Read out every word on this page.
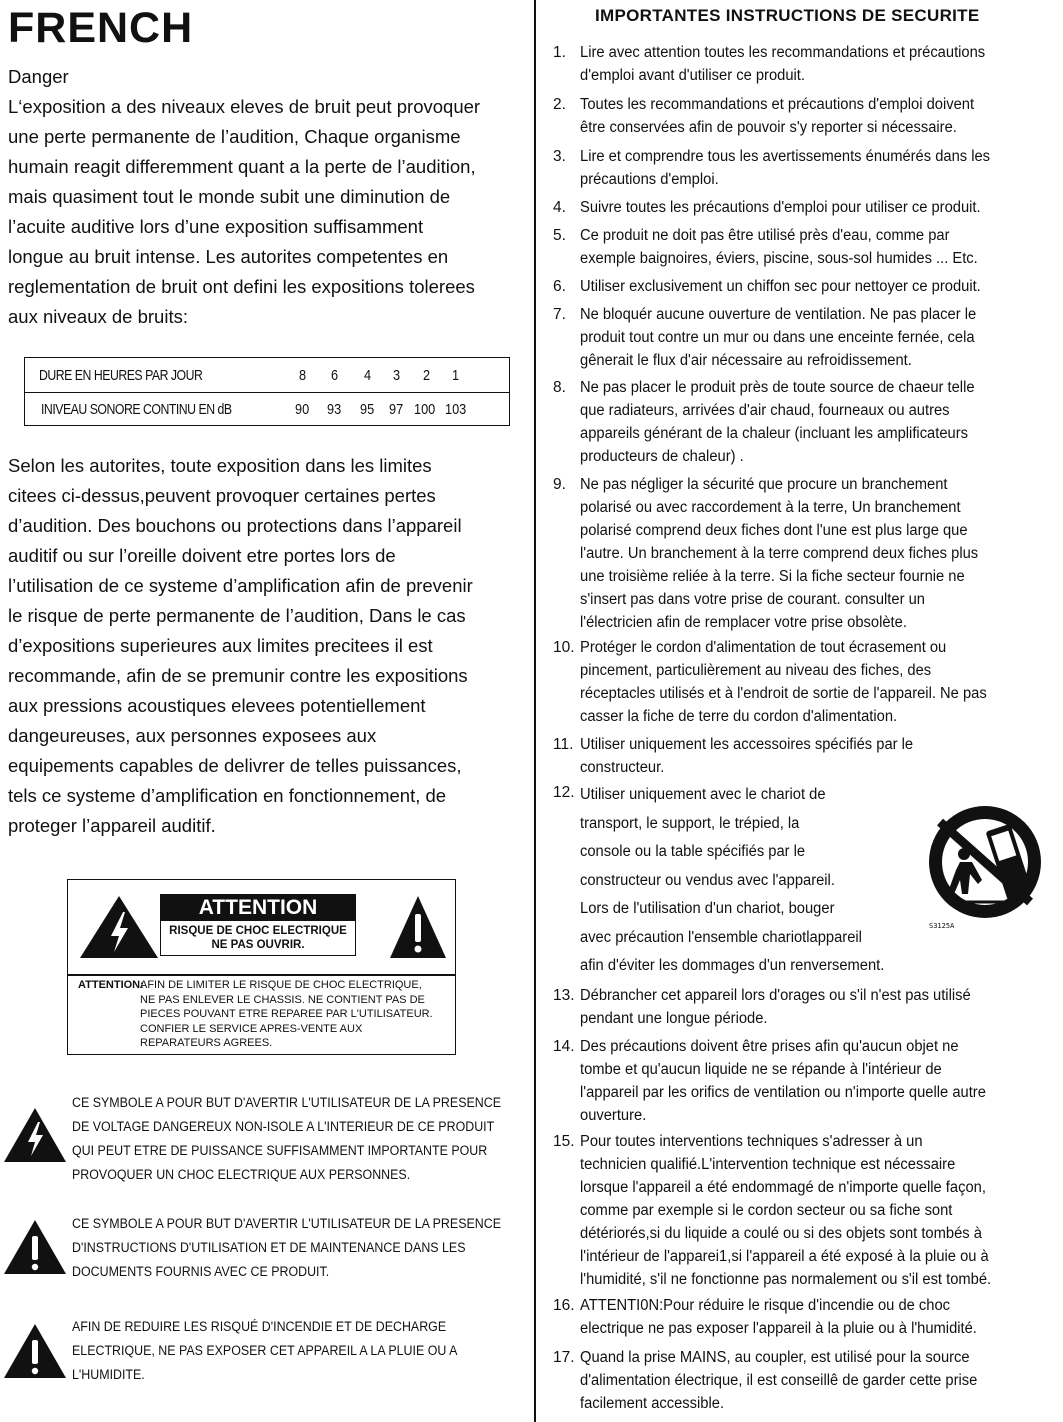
FRENCH

Danger

L‘exposition a des niveaux eleves de bruit peut provoquer

une perte permanente de l’audition, Chaque organisme

humain reagit differemment quant a la perte de l’audition,

mais quasiment tout le monde subit une diminution de

l’acuite auditive lors d’une exposition suffisamment

longue au bruit intense. Les autorites competentes en

reglementation de bruit ont defini les expositions tolerees

aux niveaux de bruits:

DURE EN HEURES PAR JOUR	8 6 4 3 2 1
INIVEAU SONORE CONTINU EN dB	90 93 95 97 100 103

Selon les autorites, toute exposition dans les limites

citees ci-dessus,peuvent provoquer certaines pertes

d’audition. Des bouchons ou protections dans l’appareil

auditif ou sur l’oreille doivent etre portes lors de

l’utilisation de ce systeme d’amplification afin de prevenir

le risque de perte permanente de l’audition, Dans le cas

d’expositions superieures aux limites precitees il est

recommande, afin de se premunir contre les expositions

aux pressions acoustiques elevees potentiellement

dangeureuses, aux personnes exposees aux

equipements capables de delivrer de telles puissances,

tels ce systeme d’amplification en fonctionnement, de

proteger l’appareil auditif.

ATTENTION
RISQUE DE CHOC ELECTRIQUE
NE PAS OUVRIR.
ATTENTION:
AFIN DE LIMITER LE RISQUE DE CHOC ELECTRIQUE,
NE PAS ENLEVER LE CHASSIS. NE CONTIENT PAS DE
PIECES POUVANT ETRE REPAREE PAR L'UTILISATEUR.
CONFIER LE SERVICE APRES-VENTE AUX
REPARATEURS AGREES.
CE SYMBOLE A POUR BUT D'AVERTIR L'UTILISATEUR DE LA PRESENCE
DE VOLTAGE DANGEREUX NON-ISOLE A L'INTERIEUR DE CE PRODUIT
QUI PEUT ETRE DE PUISSANCE SUFFISAMMENT IMPORTANTE POUR
PROVOQUER UN CHOC ELECTRIQUE AUX PERSONNES.
CE SYMBOLE A POUR BUT D'AVERTIR L'UTILISATEUR DE LA PRESENCE
D'INSTRUCTIONS D'UTILISATION ET DE MAINTENANCE DANS LES
DOCUMENTS FOURNIS AVEC CE PRODUIT.
AFIN DE REDUIRE LES RISQUÉ D'INCENDIE ET DE DECHARGE
ELECTRIQUE, NE PAS EXPOSER CET APPAREIL A LA PLUIE OU A
L'HUMIDITE.
IMPORTANTES INSTRUCTIONS DE SECURITE
1. Lire avec attention toutes les recommandations et précautions
d'emploi avant d'utiliser ce produit.
2. Toutes les recommandations et précautions d'emploi doivent
être conservées afin de pouvoir s'y reporter si nécessaire.
3. Lire et comprendre tous les avertissements énumérés dans les
précautions d'emploi.
4. Suivre toutes les précautions d'emploi pour utiliser ce produit.
5. Ce produit ne doit pas être utilisé près d'eau, comme par
exemple baignoires, éviers, piscine, sous-sol humides ... Etc.
6. Utiliser exclusivement un chiffon sec pour nettoyer ce produit.
7. Ne bloquér aucune ouverture de ventilation. Ne pas placer le
produit tout contre un mur ou dans une enceinte fernée, cela
gênerait le flux d'air nécessaire au refroidissement.
8. Ne pas placer le produit près de toute source de chaeur telle
que radiateurs, arrivées d'air chaud, fourneaux ou autres
appareils générant de la chaleur (incluant les amplificateurs
producteurs de chaleur) .
9. Ne pas négliger la sécurité que procure un branchement
polarisé ou avec raccordement à la terre, Un branchement
polarisé comprend deux fiches dont l'une est plus large que
l'autre. Un branchement à la terre comprend deux fiches plus
une troisième reliée à la terre. Si la fiche secteur fournie ne
s'insert pas dans votre prise de courant. consulter un
l'électricien afin de remplacer votre prise obsolète.
10. Protéger le cordon d'alimentation de tout écrasement ou
pincement, particulièrement au niveau des fiches, des
réceptacles utilisés et à l'endroit de sortie de l'appareil. Ne pas
casser la fiche de terre du cordon d'alimentation.
11. Utiliser uniquement les accessoires spécifiés par le
constructeur.
12. Utiliser uniquement avec le chariot de
transport, le support, le trépied, la
console ou la table spécifiés par le
constructeur ou vendus avec l'appareil.
Lors de l'utilisation d'un chariot, bouger
avec précaution l'ensemble chariotlappareil
afin d'éviter les dommages d'un renversement.
S3125A
13. Débrancher cet appareil lors d'orages ou s'il n'est pas utilisé
pendant une longue période.
14. Des précautions doivent être prises afin qu'aucun objet ne
tombe et qu'aucun liquide ne se répande à l'intérieur de
l'appareil par les orifics de ventilation ou n'importe quelle autre
ouverture.
15. Pour toutes interventions techniques s'adresser à un
technicien qualifié.L'intervention technique est nécessaire
lorsque l'appareil a été endommagé de n'importe quelle façon,
comme par exemple si le cordon secteur ou sa fiche sont
détériorés,si du liquide a coulé ou si des objets sont tombés à
l'intérieur de l'apparei1,si l'appareil a été exposé à la pluie ou à
l'humidité, s'il ne fonctionne pas normalement ou s'il est tombé.
16. ATTENTI0N:Pour réduire le risque d'incendie ou de choc
electrique ne pas exposer l'appareil à la pluie ou à l'humidité.
17. Quand la prise MAINS, au coupler, est utilisé pour la source
d'alimentation électrique, il est conseillê de garder cette prise
facilement accessible.
